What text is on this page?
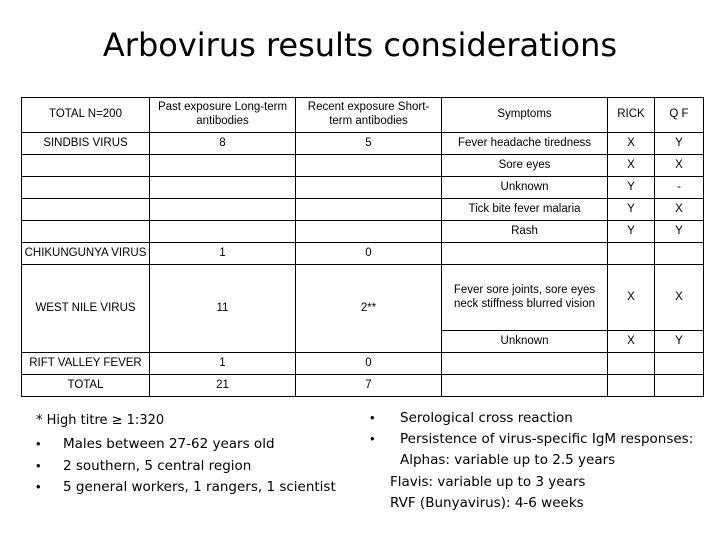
Arbovirus results considerations
TOTAL N=200	Past exposure Long-term antibodies	Recent exposure Short-term antibodies	Symptoms	RICK	Q F
SINDBIS VIRUS	8	5	Fever headache tiredness	X	Y
			Sore eyes	X	X
			Unknown	Y	-
			Tick bite fever malaria	Y	X
			Rash	Y	Y
CHIKUNGUNYA VIRUS	1	0			
WEST NILE VIRUS	11	2**	Fever sore joints, sore eyes neck stiffness blurred vision	X	X
			Unknown	X	Y
RIFT VALLEY FEVER	1	0			
TOTAL	21	7			
* High titre ≥ 1:320
• Males between 27-62 years old
• 2 southern, 5 central region
• 5 general workers, 1 rangers, 1 scientist
• Serological cross reaction
• Persistence of virus-specific IgM responses:
Alphas: variable up to 2.5 years
Flavis: variable up to 3 years
RVF (Bunyavirus): 4-6 weeks
